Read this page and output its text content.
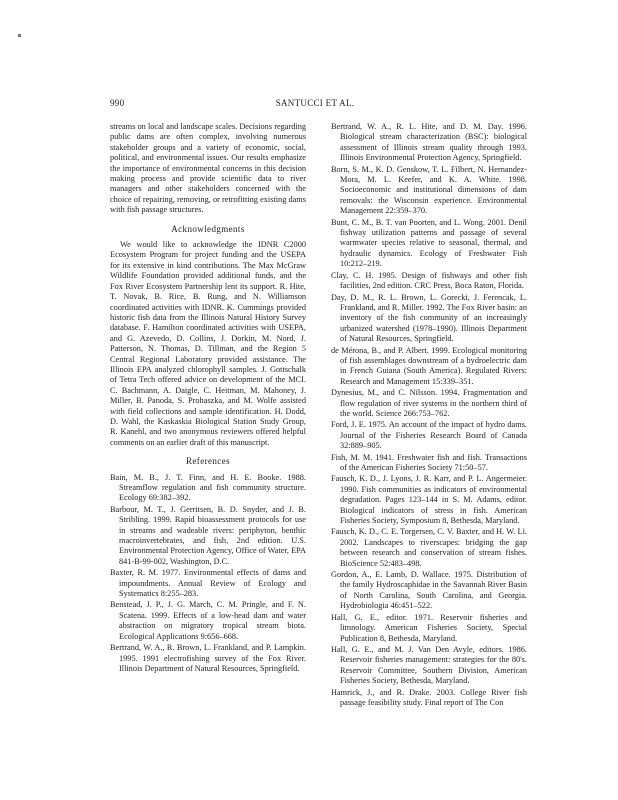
990	SANTUCCI ET AL.

streams on local and landscape scales. Decisions regarding public dams are often complex, involving numerous stakeholder groups and a variety of economic, social, political, and environmental issues. Our results emphasize the importance of environmental concerns in this decision making process and provide scientific data to river managers and other stakeholders concerned with the choice of repairing, removing, or retrofitting existing dams with fish passage structures.

Acknowledgments

We would like to acknowledge the IDNR C2000 Ecosystem Program for project funding and the USEPA for its extensive in kind contributions. The Max McGraw Wildlife Foundation provided additional funds, and the Fox River Ecosystem Partnership lent its support. R. Hite, T. Novak, B. Rice, B. Rung, and N. Williamson coordinated activities with IDNR. K. Cummings provided historic fish data from the Illinois Natural History Survey database. F. Hamilton coordinated activities with USEPA, and G. Azevedo, D. Collins, J. Dorkin, M. Nord, J. Patterson, N. Thomas, D. Tillman, and the Region 5 Central Regional Laboratory provided assistance. The Illinois EPA analyzed chlorophyll samples. J. Gottschalk of Tetra Tech offered advice on development of the MCI. C. Bachmann, A. Daigle, C. Heitman, M. Mahoney, J. Miller, B. Panoda, S. Prohaszka, and M. Wolfe assisted with field collections and sample identification. H. Dodd, D. Wahl, the Kaskaskia Biological Station Study Group, R. Kanehl, and two anonymous reviewers offered helpful comments on an earlier draft of this manuscript.

References
Bain, M. B., J. T. Finn, and H. E. Booke. 1988. Streamflow regulation and fish community structure. Ecology 69:382–392.
Barbour, M. T., J. Gerritsen, B. D. Snyder, and J. B. Stribling. 1999. Rapid bioassessment protocols for use in streams and wadeable rivers: periphyton, benthic macroinvertebrates, and fish, 2nd edition. U.S. Environmental Protection Agency, Office of Water, EPA 841-B-99-002, Washington, D.C.
Baxter, R. M. 1977. Environmental effects of dams and impoundments. Annual Review of Ecology and Systematics 8:255–283.
Benstead, J. P., J. G. March, C. M. Pringle, and F. N. Scatena. 1999. Effects of a low-head dam and water abstraction on migratory tropical stream biota. Ecological Applications 9:656–668.
Bertrand, W. A., R. Brown, L. Frankland, and P. Lampkin. 1995. 1991 electrofishing survey of the Fox River. Illinois Department of Natural Resources, Springfield.
Bertrand, W. A., R. L. Hite, and D. M. Day. 1996. Biological stream characterization (BSC): biological assessment of Illinois stream quality through 1993. Illinois Environmental Protection Agency, Springfield.
Born, S. M., K. D. Genskow, T. L. Filbert, N. Hernandez-Mora, M. L. Keefer, and K. A. White. 1998. Socioeconomic and institutional dimensions of dam removals: the Wisconsin experience. Environmental Management 22:359–370.
Bunt, C. M., B. T. van Poorten, and L. Wong. 2001. Denil fishway utilization patterns and passage of several warmwater species relative to seasonal, thermal, and hydraulic dynamics. Ecology of Freshwater Fish 10:212–219.
Clay, C. H. 1995. Design of fishways and other fish facilities, 2nd edition. CRC Press, Boca Raton, Florida.
Day, D. M., R. L. Brown, L. Gorecki, J. Ferencak, L. Frankland, and R. Miller. 1992. The Fox River basin: an inventory of the fish community of an increasingly urbanized watershed (1978–1990). Illinois Department of Natural Resources, Springfield.
de Mérona, B., and P. Albert. 1999. Ecological monitoring of fish assemblages downstream of a hydroelectric dam in French Guiana (South America). Regulated Rivers: Research and Management 15:339–351.
Dynesius, M., and C. Nilsson. 1994. Fragmentation and flow regulation of river systems in the northern third of the world. Science 266:753–762.
Ford, J. E. 1975. An account of the impact of hydro dams. Journal of the Fisheries Research Board of Canada 32:889–905.
Fish, M. M. 1941. Freshwater fish and fish. Transactions of the American Fisheries Society 71:50–57.
Fausch, K. D., J. Lyons, J. R. Karr, and P. L. Angermeier. 1990. Fish communities as indicators of environmental degradation. Pages 123–144 in S. M. Adams, editor. Biological indicators of stress in fish. American Fisheries Society, Symposium 8, Bethesda, Maryland.
Fausch, K. D., C. E. Torgersen, C. V. Baxter, and H. W. Li. 2002. Landscapes to riverscapes: bridging the gap between research and conservation of stream fishes. BioScience 52:483–498.
Gordon, A., E. Lamb, D. Wallace. 1975. Distribution of the family Hydroscaphidae in the Savannah River Basin of North Carolina, South Carolina, and Georgia. Hydrobiologia 46:451–522.
Hall, G. E., editor. 1971. Reservoir fisheries and limnology. American Fisheries Society, Special Publication 8, Bethesda, Maryland.
Hall, G. E., and M. J. Van Den Avyle, editors. 1986. Reservoir fisheries management: strategies for the 80's. Reservoir Committee, Southern Division, American Fisheries Society, Bethesda, Maryland.
Hamrick, J., and R. Drake. 2003. College River fish passage feasibility study. Final report of The Con
